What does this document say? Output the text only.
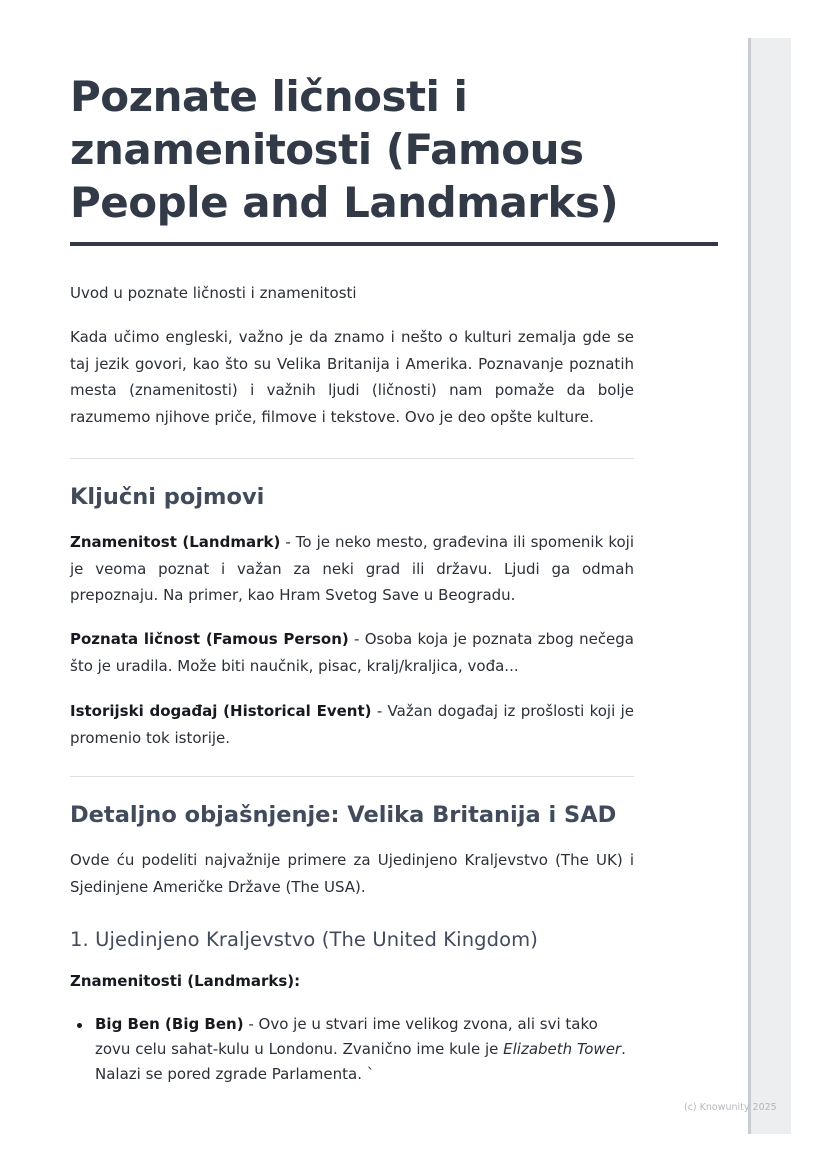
Poznate ličnosti i znamenitosti (Famous People and Landmarks)
Uvod u poznate ličnosti i znamenitosti

Kada učimo engleski, važno je da znamo i nešto o kulturi zemalja gde se taj jezik govori, kao što su Velika Britanija i Amerika. Poznavanje poznatih mesta (znamenitosti) i važnih ljudi (ličnosti) nam pomaže da bolje razumemo njihove priče, filmove i tekstove. Ovo je deo opšte kulture.

Ključni pojmovi

Znamenitost (Landmark) - To je neko mesto, građevina ili spomenik koji je veoma poznat i važan za neki grad ili državu. Ljudi ga odmah prepoznaju. Na primer, kao Hram Svetog Save u Beogradu.

Poznata ličnost (Famous Person) - Osoba koja je poznata zbog nečega što je uradila. Može biti naučnik, pisac, kralj/kraljica, vođa...

Istorijski događaj (Historical Event) - Važan događaj iz prošlosti koji je promenio tok istorije.

Detaljno objašnjenje: Velika Britanija i SAD

Ovde ću podeliti najvažnije primere za Ujedinjeno Kraljevstvo (The UK) i Sjedinjene Američke Države (The USA).

1. Ujedinjeno Kraljevstvo (The United Kingdom)
Znamenitosti (Landmarks):
Big Ben (Big Ben) - Ovo je u stvari ime velikog zvona, ali svi tako zovu celu sahat-kulu u Londonu. Zvanično ime kule je Elizabeth Tower. Nalazi se pored zgrade Parlamenta. `
(c) Knowunity 2025
